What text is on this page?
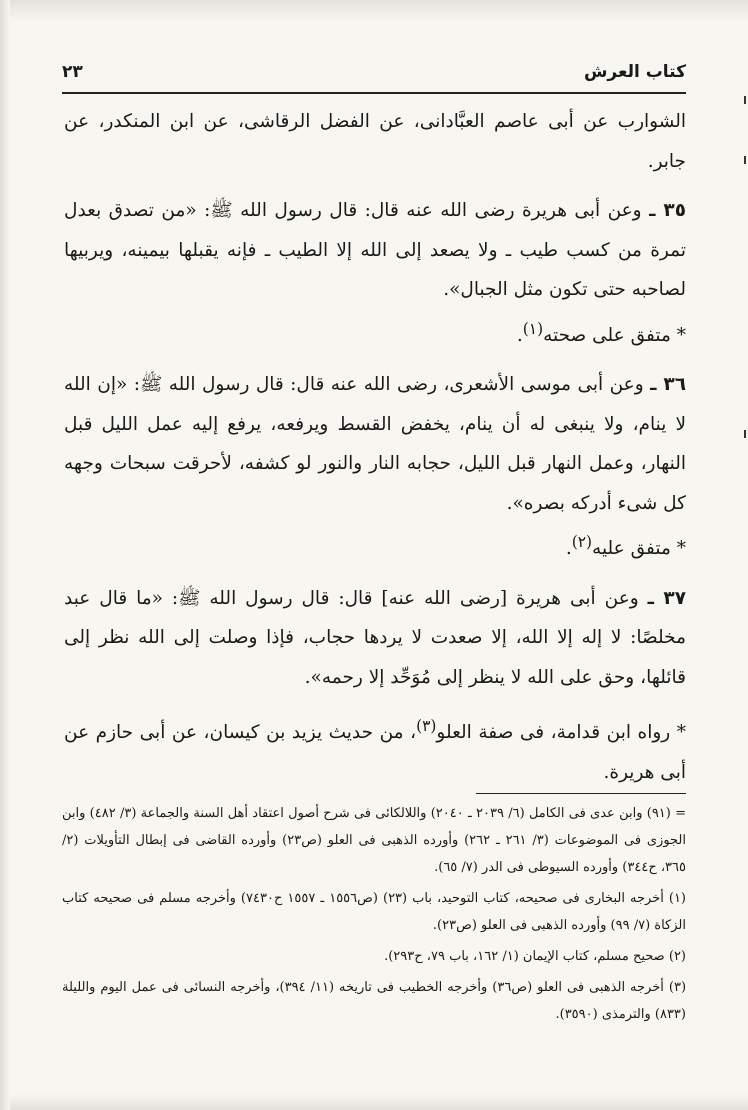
كتاب العرش
٢٣

الشوارب عن أبى عاصم العبَّادانى، عن الفضل الرقاشى، عن ابن المنكدر، عن جابر.

٣٥ ـ وعن أبى هريرة رضى الله عنه قال: قال رسول الله ﷺ: «من تصدق بعدل تمرة من كسب طيب ـ ولا يصعد إلى الله إلا الطيب ـ فإنه يقبلها بيمينه، ويربيها لصاحبه حتى تكون مثل الجبال».

* متفق على صحته$^{(١)}$.

٣٦ ـ وعن أبى موسى الأشعرى، رضى الله عنه قال: قال رسول الله ﷺ: «إن الله لا ينام، ولا ينبغى له أن ينام، يخفض القسط ويرفعه، يرفع إليه عمل الليل قبل النهار، وعمل النهار قبل الليل، حجابه النار والنور لو كشفه، لأحرقت سبحات وجهه كل شىء أدركه بصره».

* متفق عليه$^{(٢)}$.

٣٧ ـ وعن أبى هريرة [رضى الله عنه] قال: قال رسول الله ﷺ: «ما قال عبد مخلصًا: لا إله إلا الله، إلا صعدت لا يردها حجاب، فإذا وصلت إلى الله نظر إلى قائلها، وحق على الله لا ينظر إلى مُوَحِّد إلا رحمه».

* رواه ابن قدامة، فى صفة العلو$^{(٣)}$، من حديث يزيد بن كيسان، عن أبى حازم عن أبى هريرة.

= (٩١) وابن عدى فى الكامل (٦/ ٢٠٣٩ ـ ٢٠٤٠) واللالكائى فى شرح أصول اعتقاد أهل السنة والجماعة (٣/ ٤٨٢) وابن الجوزى فى الموضوعات (٣/ ٢٦١ ـ ٢٦٢) وأورده الذهبى فى العلو (ص٢٣) وأورده القاضى فى إبطال التأويلات (٢/ ٣٦٥، ح٣٤٤) وأورده السيوطى فى الدر (٧/ ٦٥).

(١) أخرجه البخارى فى صحيحه، كتاب التوحيد، باب (٢٣) (ص١٥٥٦ ـ ١٥٥٧ ح٧٤٣٠) وأخرجه مسلم فى صحيحه كتاب الزكاة (٧/ ٩٩) وأورده الذهبى فى العلو (ص٢٣).

(٢) صحيح مسلم، كتاب الإيمان (١/ ١٦٢، باب ٧٩، ح٢٩٣).

(٣) أخرجه الذهبى فى العلو (ص٣٦) وأخرجه الخطيب فى تاريخه (١١/ ٣٩٤)، وأخرجه النسائى فى عمل اليوم والليلة (٨٣٣) والترمذى (٣٥٩٠).
